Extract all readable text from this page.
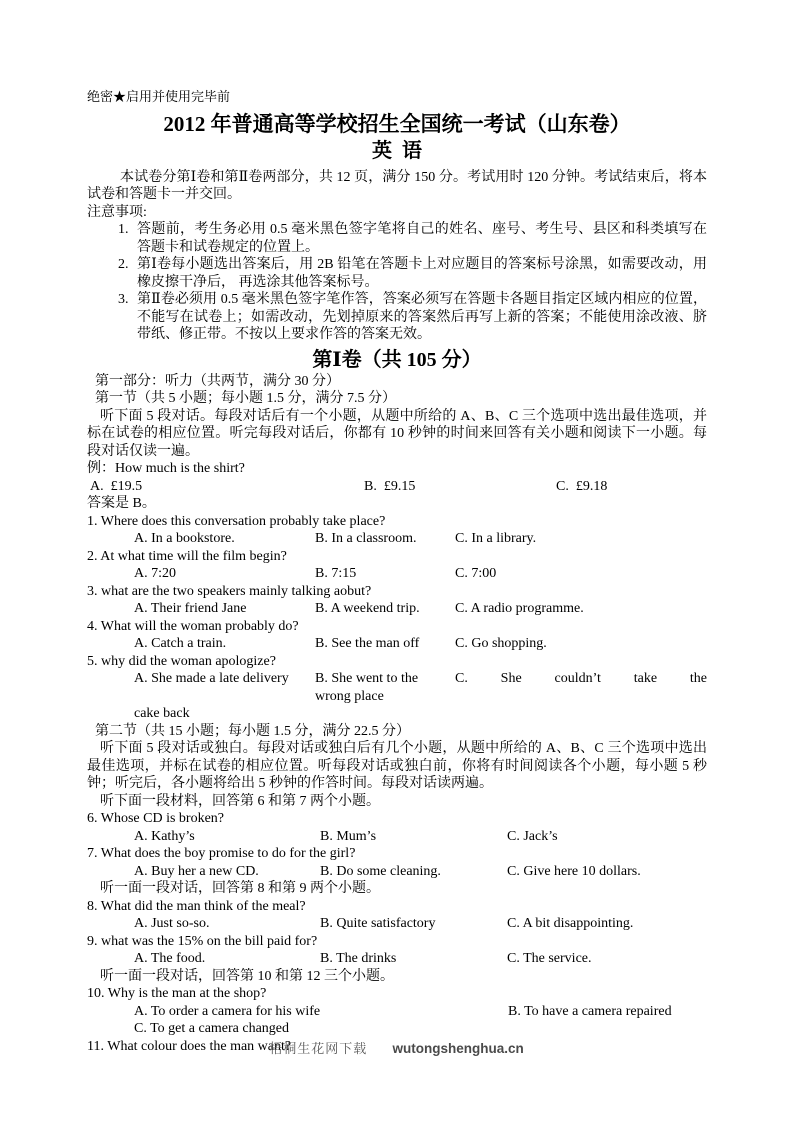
绝密★启用并使用完毕前
2012 年普通高等学校招生全国统一考试（山东卷）
英  语

本试卷分第Ⅰ卷和第Ⅱ卷两部分，共 12 页，满分 150 分。考试用时 120 分钟。考试结束后，将本试卷和答题卡一并交回。

注意事项:
1. 答题前，考生务必用 0.5 毫米黑色签字笔将自己的姓名、座号、考生号、县区和科类填写在答题卡和试卷规定的位置上。
2. 第Ⅰ卷每小题选出答案后，用 2B 铅笔在答题卡上对应题目的答案标号涂黑，如需要改动，用橡皮擦干净后， 再选涂其他答案标号。
3. 第Ⅱ卷必须用 0.5 毫米黑色签字笔作答，答案必须写在答题卡各题目指定区域内相应的位置，不能写在试卷上；如需改动，先划掉原来的答案然后再写上新的答案；不能使用涂改液、脐带纸、修正带。不按以上要求作答的答案无效。
第Ⅰ卷（共 105 分）
第一部分：听力（共两节，满分 30 分）
第一节（共 5 小题；每小题 1.5 分，满分 7.5 分）

听下面 5 段对话。每段对话后有一个小题，从题中所给的 A、B、C 三个选项中选出最佳选项，并标在试卷的相应位置。听完每段对话后，你都有 10 秒钟的时间来回答有关小题和阅读下一小题。每段对话仅读一遍。

例：How much is the shirt?
A.  £19.5	B.  £9.15	C.  £9.18
答案是 B。
1. Where does this conversation probably take place?
A. In a bookstore.	B. In a classroom.	C. In a library.
2. At what time will the film begin?
A. 7:20	B. 7:15	C. 7:00
3. what are the two speakers mainly talking aobut?
A. Their friend Jane	B. A weekend trip.	C. A radio programme.
4. What will the woman probably do?
A. Catch a train.	B. See the man off	C. Go shopping.
5. why did the woman apologize?
A. She made a late delivery	B. She went to the wrong place
C. She couldn’t take the
cake back
第二节（共 15 小题；每小题 1.5 分，满分 22.5 分）

听下面 5 段对话或独白。每段对话或独白后有几个小题，从题中所给的 A、B、C 三个选项中选出最佳选项，并标在试卷的相应位置。听每段对话或独白前，你将有时间阅读各个小题，每小题 5 秒钟；听完后，各小题将给出 5 秒钟的作答时间。每段对话读两遍。

听下面一段材料，回答第 6 和第 7 两个小题。
6. Whose CD is broken?
A. Kathy’s	B. Mum’s	C. Jack’s
7. What does the boy promise to do for the girl?
A. Buy her a new CD.	B. Do some cleaning.	C. Give here 10 dollars.
听一面一段对话，回答第 8 和第 9 两个小题。
8. What did the man think of the meal?
A. Just so-so.	B. Quite satisfactory	C. A bit disappointing.
9. what was the 15% on the bill paid for?
A. The food.	B. The drinks	C. The service.
听一面一段对话，回答第 10 和第 12 三个小题。
10. Why is the man at the shop?
A. To order a camera for his wife	B. To have a camera repaired
C. To get a camera changed
11. What colour does the man want?
梧桐生花网下载 wutongshenghua.cn
